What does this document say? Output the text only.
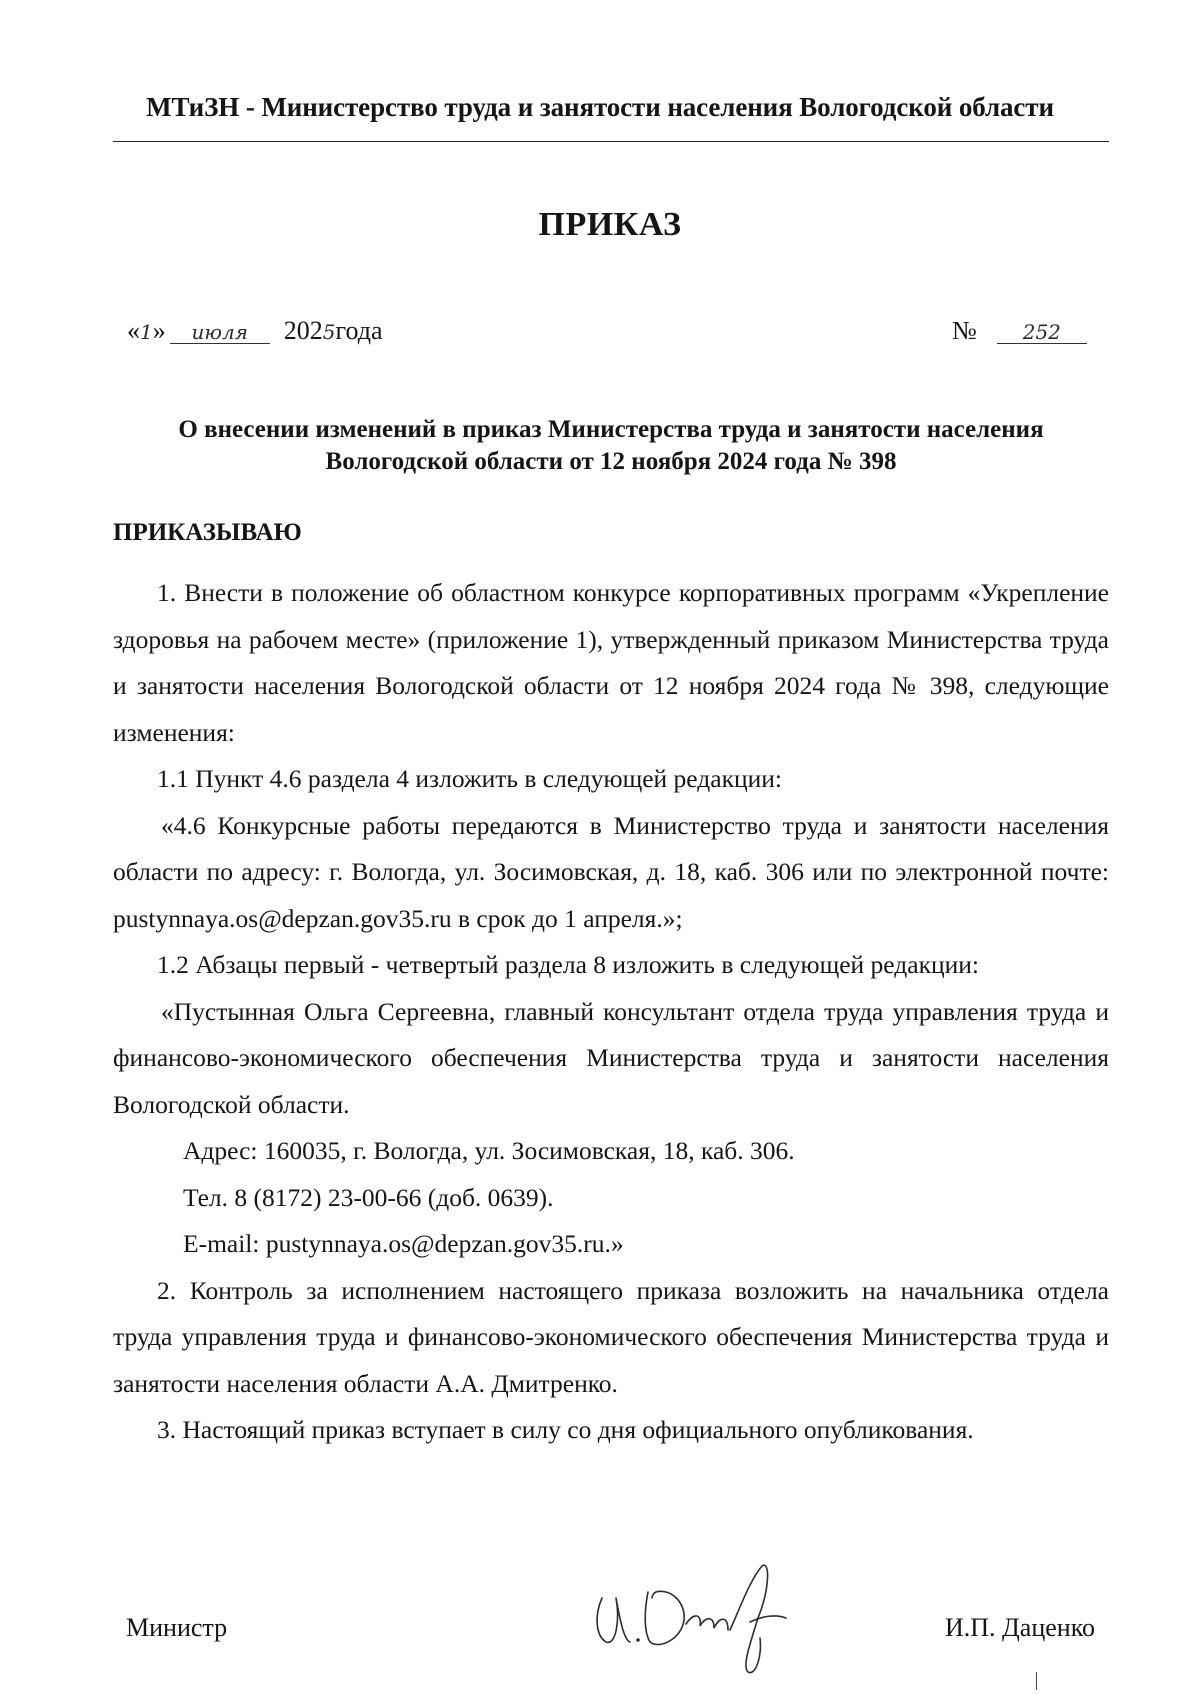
МТиЗН - Министерство труда и занятости населения Вологодской области
ПРИКАЗ
« 1 »	июля	202 5 года	№	252
О внесении изменений в приказ Министерства труда и занятости населения
Вологодской области от 12 ноября 2024 года № 398
ПРИКАЗЫВАЮ

1. Внести в положение об областном конкурсе корпоративных программ «Укрепление здоровья на рабочем месте» (приложение 1), утвержденный приказом Министерства труда и занятости населения Вологодской области от 12 ноября 2024 года № 398, следующие изменения:

1.1 Пункт 4.6 раздела 4 изложить в следующей редакции:

«4.6 Конкурсные работы передаются в Министерство труда и занятости населения области по адресу: г. Вологда, ул. Зосимовская, д. 18, каб. 306 или по электронной почте: pustynnaya.os@depzan.gov35.ru в срок до 1 апреля.»;

1.2 Абзацы первый - четвертый раздела 8 изложить в следующей редакции:

«Пустынная Ольга Сергеевна, главный консультант отдела труда управления труда и финансово-экономического обеспечения Министерства труда и занятости населения Вологодской области.

Адрес: 160035, г. Вологда, ул. Зосимовская, 18, каб. 306.

Тел. 8 (8172) 23-00-66 (доб. 0639).

E-mail: pustynnaya.os@depzan.gov35.ru.»

2. Контроль за исполнением настоящего приказа возложить на начальника отдела труда управления труда и финансово-экономического обеспечения Министерства труда и занятости населения области А.А. Дмитренко.

3. Настоящий приказ вступает в силу со дня официального опубликования.

Министр	И.П. Даценко
